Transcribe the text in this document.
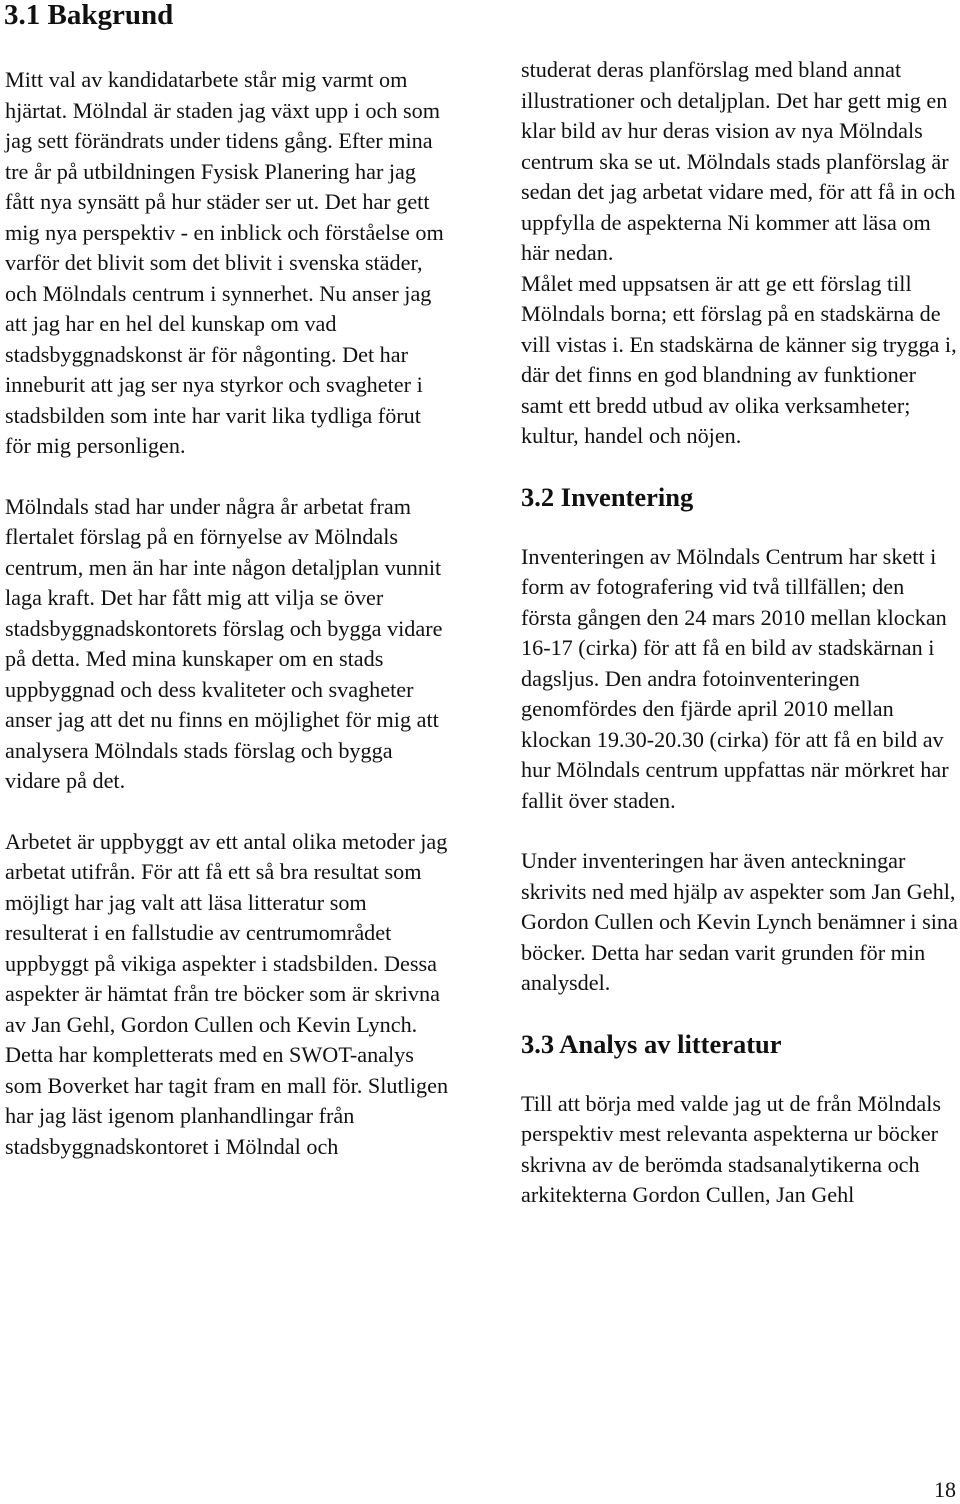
3.1 Bakgrund

Mitt val av kandidatarbete står mig varmt om hjärtat. Mölndal är staden jag växt upp i och som jag sett förändrats under tidens gång. Efter mina tre år på utbildningen Fysisk Planering har jag fått nya synsätt på hur städer ser ut. Det har gett mig nya perspektiv - en inblick och förståelse om varför det blivit som det blivit i svenska städer, och Mölndals centrum i synnerhet. Nu anser jag att jag har en hel del kunskap om vad stadsbyggnadskonst är för någonting. Det har inneburit att jag ser nya styrkor och svagheter i stadsbilden som inte har varit lika tydliga förut för mig personligen.

Mölndals stad har under några år arbetat fram flertalet förslag på en förnyelse av Mölndals centrum, men än har inte någon detaljplan vunnit laga kraft. Det har fått mig att vilja se över stadsbyggnadskontorets förslag och bygga vidare på detta. Med mina kunskaper om en stads uppbyggnad och dess kvaliteter och svagheter anser jag att det nu finns en möjlighet för mig att analysera Mölndals stads förslag och bygga vidare på det.

Arbetet är uppbyggt av ett antal olika metoder jag arbetat utifrån. För att få ett så bra resultat som möjligt har jag valt att läsa litteratur som resulterat i en fallstudie av centrumområdet uppbyggt på vikiga aspekter i stadsbilden. Dessa aspekter är hämtat från tre böcker som är skrivna av Jan Gehl, Gordon Cullen och Kevin Lynch. Detta har kompletterats med en SWOT-analys som Boverket har tagit fram en mall för. Slutligen har jag läst igenom planhandlingar från stadsbyggnadskontoret i Mölndal och

studerat deras planförslag med bland annat illustrationer och detaljplan. Det har gett mig en klar bild av hur deras vision av nya Mölndals centrum ska se ut. Mölndals stads planförslag är sedan det jag arbetat vidare med, för att få in och uppfylla de aspekterna Ni kommer att läsa om här nedan.
Målet med uppsatsen är att ge ett förslag till Mölndals borna; ett förslag på en stadskärna de vill vistas i. En stadskärna de känner sig trygga i, där det finns en god blandning av funktioner samt ett bredd utbud av olika verksamheter; kultur, handel och nöjen.

3.2 Inventering

Inventeringen av Mölndals Centrum har skett i form av fotografering vid två tillfällen; den första gången den 24 mars 2010 mellan klockan 16-17 (cirka) för att få en bild av stadskärnan i dagsljus. Den andra fotoinventeringen genomfördes den fjärde april 2010 mellan klockan 19.30-20.30 (cirka) för att få en bild av hur Mölndals centrum uppfattas när mörkret har fallit över staden.

Under inventeringen har även anteckningar skrivits ned med hjälp av aspekter som Jan Gehl, Gordon Cullen och Kevin Lynch benämner i sina böcker. Detta har sedan varit grunden för min analysdel.

3.3 Analys av litteratur

Till att börja med valde jag ut de från Mölndals perspektiv mest relevanta aspekterna ur böcker skrivna av de berömda stadsanalytikerna och arkitekterna Gordon Cullen, Jan Gehl

18
